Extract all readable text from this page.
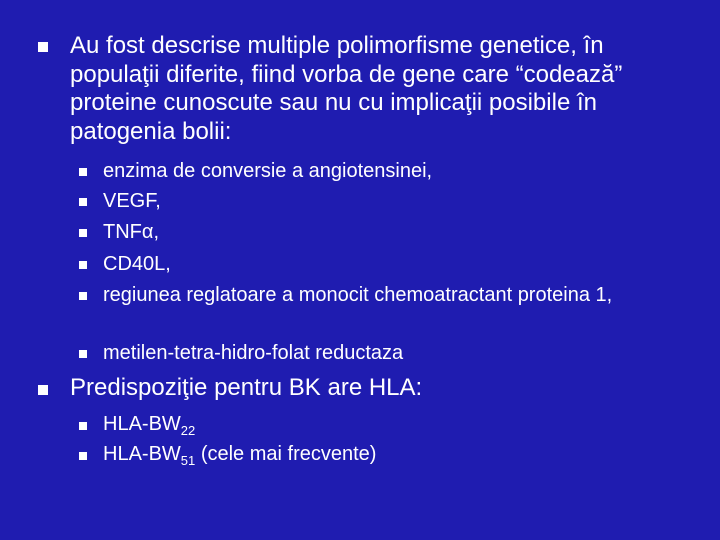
Au fost descrise multiple polimorfisme genetice, în populaţii diferite, fiind vorba de gene care “codează” proteine cunoscute sau nu cu implicaţii posibile în patogenia bolii:
enzima de conversie a angiotensinei,
VEGF,
TNFα,
CD40L,
regiunea reglatoare a monocit chemoatractant proteina 1,
metilen-tetra-hidro-folat reductaza
Predispoziţie pentru BK are HLA:
HLA-$BW_{22}$
HLA-$BW_{51}$ (cele mai frecvente)
